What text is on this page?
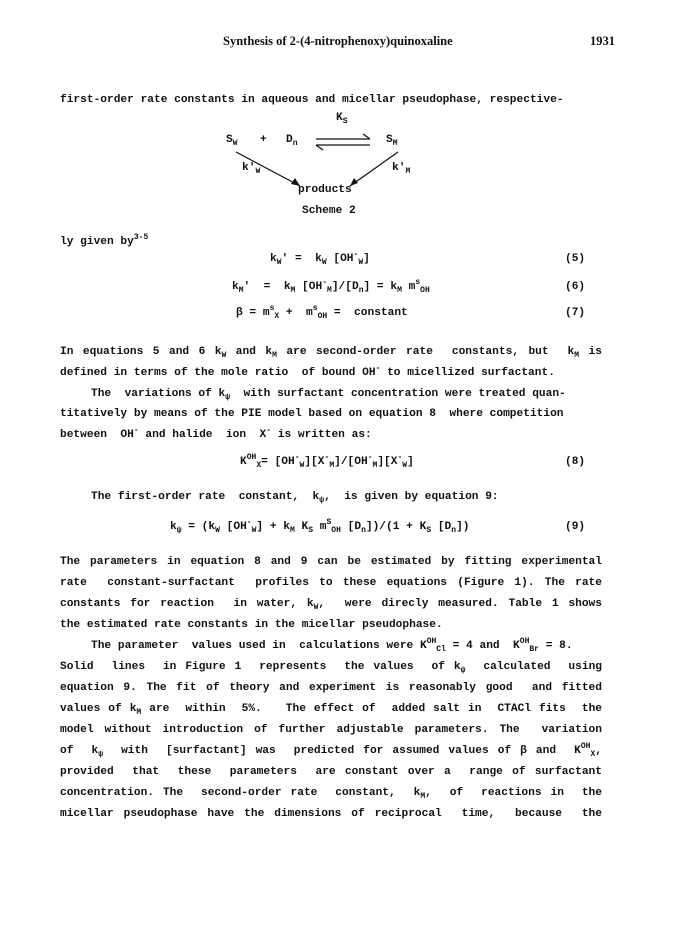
Synthesis of 2-(4-nitrophenoxy)quinoxaline	1931
first-order rate constants in aqueous and micellar pseudophase, respective-
$K_S$
$S_W + D_n$	$S_M$
$k'_W$	$k'_M$
products
Scheme 2
ly given $by^{3-5}$
$k_W' = k_W$ $[OH^-_W]$	(5)
$k_M' = k_M$ $[OH^-_M]/[D_n] = k_M$ $m^s_{OH}$	(6)
$\beta = m^s_X + m^s_{OH}$ =  constant	(7)
In equations 5 and 6 $k_W$ and $k_M$ are second-order rate  constants, but  $k_M$ is
defined in terms of the mole ratio  of bound OH- to micellized surfactant.
The  variations of $k_\psi$  with surfactant concentration were treated quan-
titatively by means of the PIE model based on equation 8  where competition
between  OH- and halide  ion  X- is written as:
$K^{OH}_X= [OH^-_W][X^-_M]/[OH^-_M][X^-_W]$	(8)
The first-order rate  constant,  $k_\psi$,  is given by equation 9:
$k_\psi = (k_W$ $[OH^-_W] + k_M$ $K_S$ $m^S_{OH}$ $[D_n])/(1 + K_S$ $[D_n]$)	(9)
The parameters in equation 8 and 9 can be estimated by fitting experimental
rate  constant-surfactant  profiles to these equations (Figure 1). The rate
constants for reaction  in water, $k_W$,  were direcly measured. Table 1 shows
the estimated rate constants in the micellar pseudophase.
The parameter  values used in  calculations were $K^{OH}_{Cl} = 4$ and  $K^{OH}_{Br} = 8$.
Solid  lines  in Figure 1  represents  the values  of $k_\psi$  calculated  using
equation 9. The fit of theory and experiment is reasonably good  and fitted
values of $k_M$ are  within  5%.   The effect of  added salt in  CTACl fits  the
model without introduction of further adjustable parameters. The  variation
of  $k_\psi$  with  [surfactant] was  predicted for assumed values of β and  $K^{OH}_X$,
provided  that  these  parameters  are constant over a  range of surfactant
concentration. The  second-order rate  constant,  $k_M$,  of  reactions in  the
micellar pseudophase have the dimensions of reciprocal  time,  because  the
